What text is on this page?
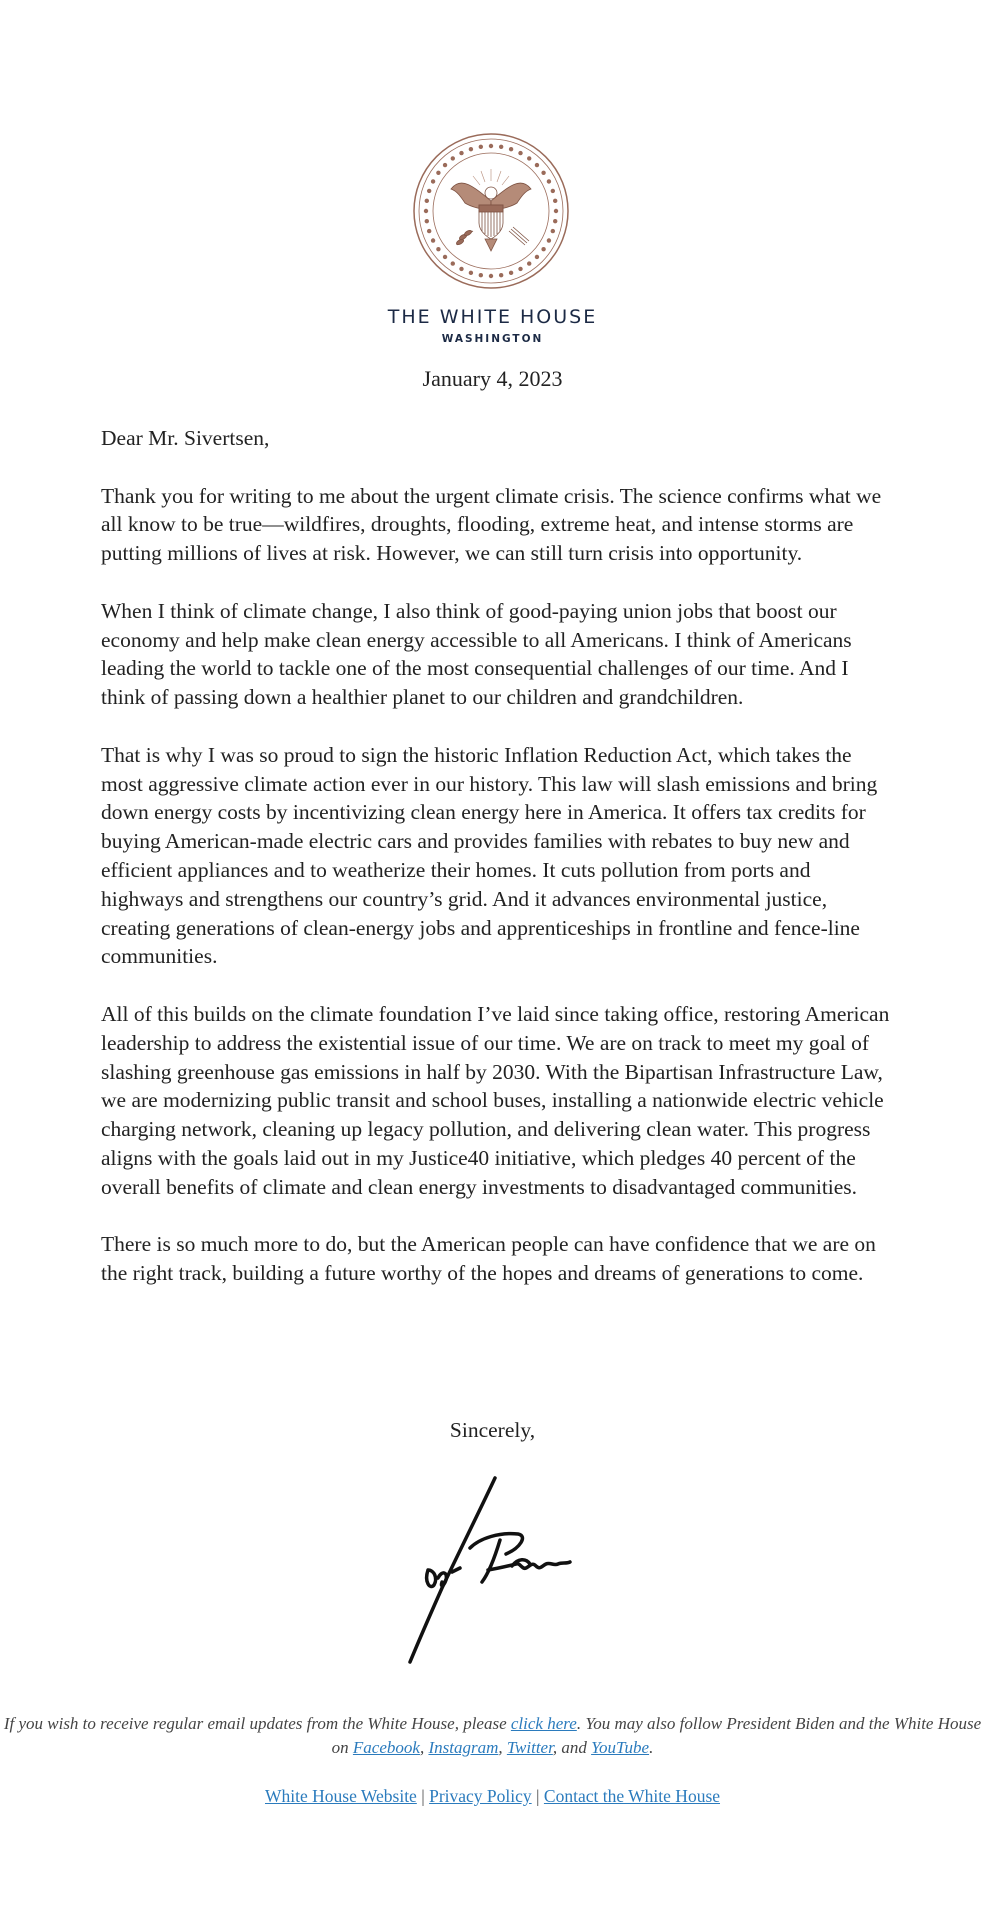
THE WHITE HOUSE
WASHINGTON
January 4, 2023

Dear Mr. Sivertsen,

Thank you for writing to me about the urgent climate crisis. The science confirms what we all know to be true—wildfires, droughts, flooding, extreme heat, and intense storms are putting millions of lives at risk. However, we can still turn crisis into opportunity.

When I think of climate change, I also think of good-paying union jobs that boost our economy and help make clean energy accessible to all Americans. I think of Americans leading the world to tackle one of the most consequential challenges of our time. And I think of passing down a healthier planet to our children and grandchildren.

That is why I was so proud to sign the historic Inflation Reduction Act, which takes the most aggressive climate action ever in our history. This law will slash emissions and bring down energy costs by incentivizing clean energy here in America. It offers tax credits for buying American-made electric cars and provides families with rebates to buy new and efficient appliances and to weatherize their homes. It cuts pollution from ports and highways and strengthens our country’s grid. And it advances environmental justice, creating generations of clean-energy jobs and apprenticeships in frontline and fence-line communities.

All of this builds on the climate foundation I’ve laid since taking office, restoring American leadership to address the existential issue of our time. We are on track to meet my goal of slashing greenhouse gas emissions in half by 2030. With the Bipartisan Infrastructure Law, we are modernizing public transit and school buses, installing a nationwide electric vehicle charging network, cleaning up legacy pollution, and delivering clean water. This progress aligns with the goals laid out in my Justice40 initiative, which pledges 40 percent of the overall benefits of climate and clean energy investments to disadvantaged communities.

There is so much more to do, but the American people can have confidence that we are on the right track, building a future worthy of the hopes and dreams of generations to come.

Sincerely,
If you wish to receive regular email updates from the White House, please click here. You may also follow President Biden and the White House on Facebook, Instagram, Twitter, and YouTube.
White House Website | Privacy Policy | Contact the White House
